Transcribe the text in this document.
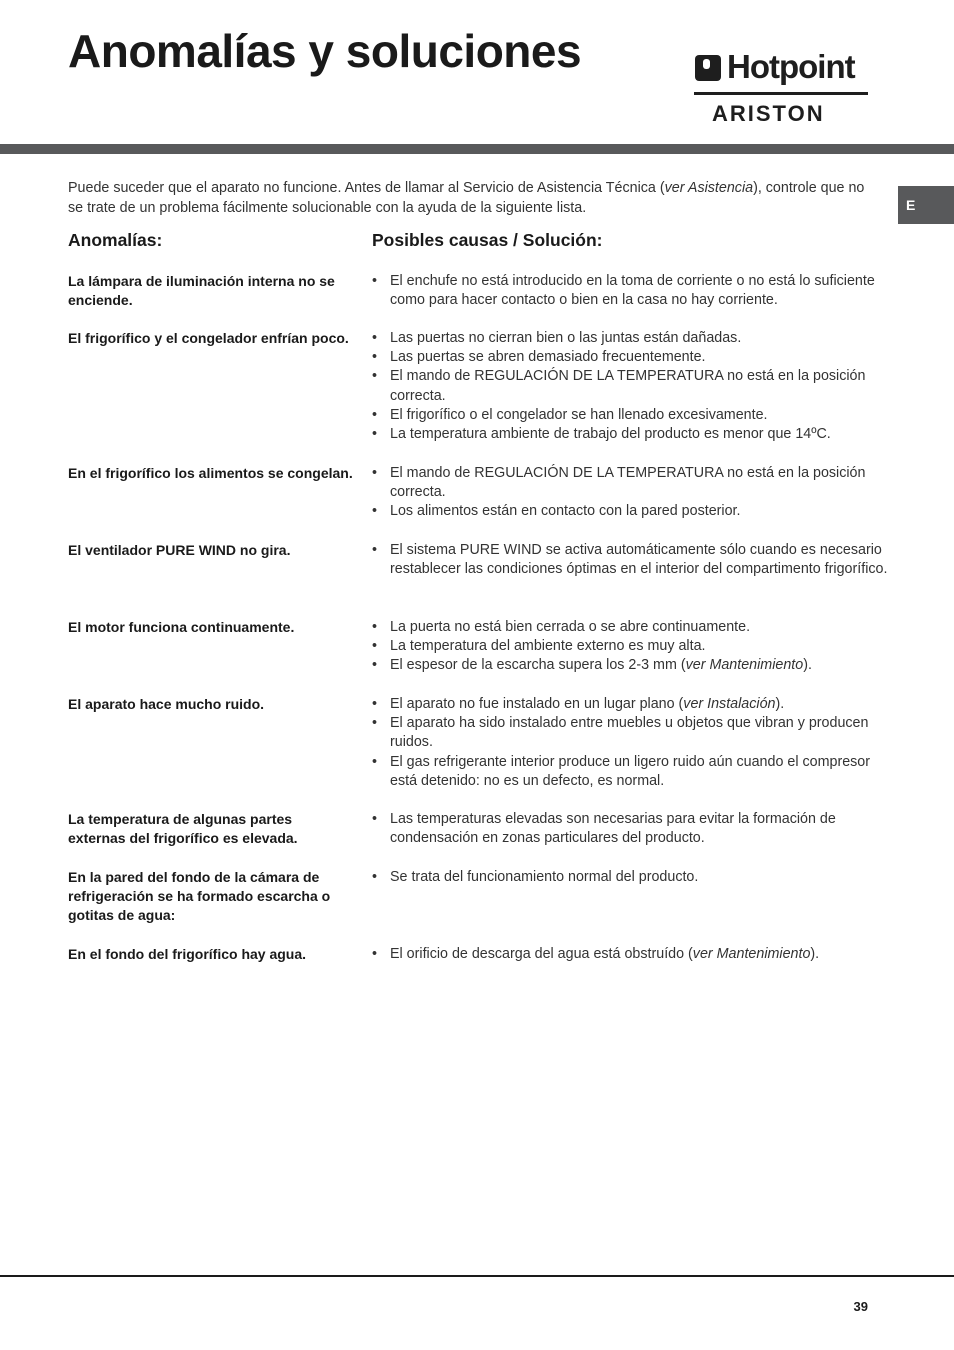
Anomalías y soluciones	Hotpoint
ARISTON
E

Puede suceder que el aparato no funcione. Antes de llamar al Servicio de Asistencia Técnica (ver Asistencia), controle que no se trate de un problema fácilmente solucionable con la ayuda de la siguiente lista.

Anomalías:	Posibles causas / Solución:
La lámpara de iluminación interna no se enciende.
• El enchufe no está introducido en la toma de corriente o no está lo suficiente como para hacer contacto o bien en la casa no hay corriente.
El frigorífico y el congelador enfrían poco.	• Las puertas no cierran bien o las juntas están dañadas.
• Las puertas se abren demasiado frecuentemente.
• El mando de REGULACIÓN DE LA TEMPERATURA no está en la posición correcta.
• El frigorífico o el congelador se han llenado excesivamente.
• La temperatura ambiente de trabajo del producto es menor que 14ºC.
En el frigorífico los alimentos se congelan.	• El mando de REGULACIÓN DE LA TEMPERATURA no está en la posición correcta.
• Los alimentos están en contacto con la pared posterior.
El ventilador PURE WIND no gira.	• El sistema PURE WIND se activa automáticamente sólo cuando es necesario restablecer las condiciones óptimas en el interior del compartimento frigorífico.
El motor funciona continuamente.	• La puerta no está bien cerrada o se abre continuamente.
• La temperatura del ambiente externo es muy alta.
• El espesor de la escarcha supera los 2-3 mm (ver Mantenimiento).
El aparato hace mucho ruido.	• El aparato no fue instalado en un lugar plano (ver Instalación).
• El aparato ha sido instalado entre muebles u objetos que vibran y producen ruidos.
• El gas refrigerante interior produce un ligero ruido aún cuando el compresor está detenido: no es un defecto, es normal.
La temperatura de algunas partes externas del frigorífico es elevada.
• Las temperaturas elevadas son necesarias para evitar la formación de condensación en zonas particulares del producto.
En la pared del fondo de la cámara de refrigeración se ha formado escarcha o gotitas de agua:
• Se trata del funcionamiento normal del producto.
En el fondo del frigorífico hay agua.	• El orificio de descarga del agua está obstruído (ver Mantenimiento).
39
